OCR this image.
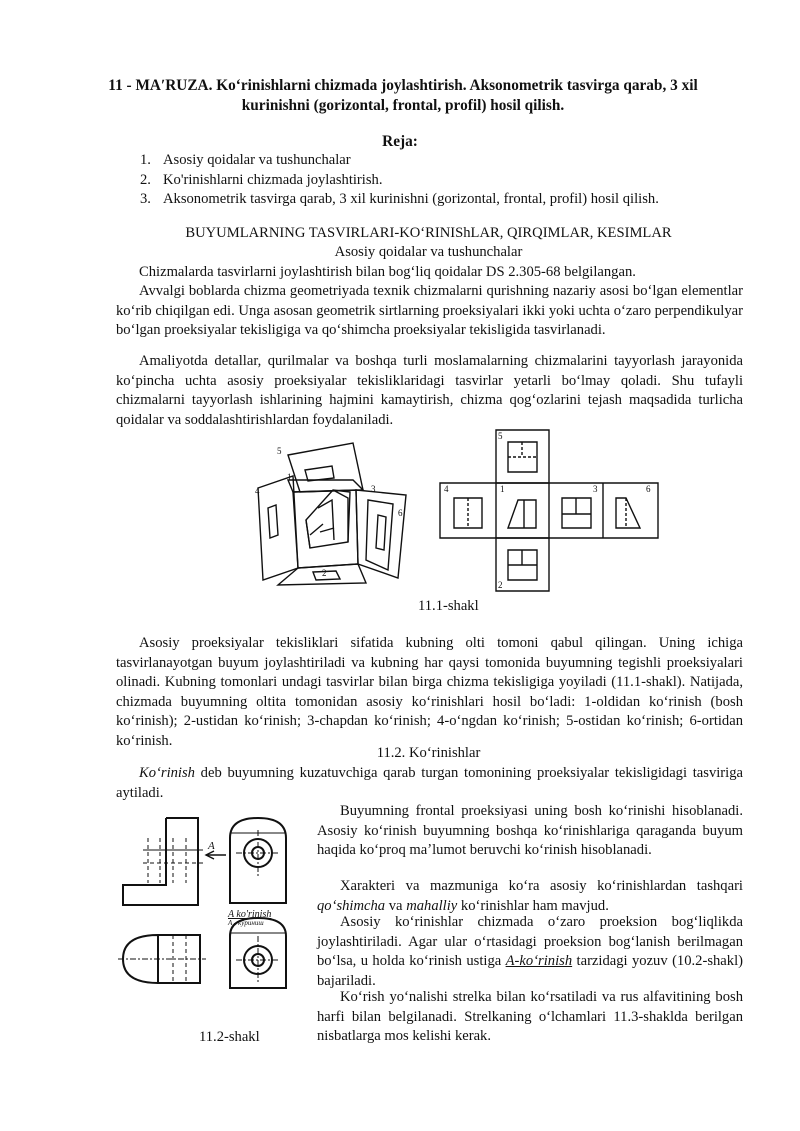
11 - MAʹRUZA. Koʻrinishlarni chizmada joylashtirish. Aksonometrik tasvirga qarab, 3 xil kurinishni (gorizontal, frontal, profil) hosil qilish.
Reja:
1. Asosiy qoidalar va tushunchalar
2. Ko'rinishlarni chizmada joylashtirish.
3. Aksonometrik tasvirga qarab, 3 xil kurinishni (gorizontal, frontal, profil) hosil qilish.
BUYUMLARNING TASVIRLARI-KOʻRINIShLAR, QIRQIMLAR, KESIMLAR
Asosiy qoidalar va tushunchalar

Chizmalarda tasvirlarni joylashtirish bilan bogʻliq qoidalar DS 2.305-68 belgilangan.

Avvalgi boblarda chizma geometriyada texnik chizmalarni qurishning nazariy asosi boʻlgan elementlar koʻrib chiqilgan edi. Unga asosan geometrik sirtlarning proeksiyalari ikki yoki uchta oʻzaro perpendikulyar boʻlgan proeksiyalar tekisligiga va qoʻshimcha proeksiyalar tekisligida tasvirlanadi.

Amaliyotda detallar, qurilmalar va boshqa turli moslamalarning chizmalarini tayyorlash jarayonida koʻpincha uchta asosiy proeksiyalar tekisliklaridagi tasvirlar yetarli boʻlmay qoladi. Shu tufayli chizmalarni tayyorlash ishlarining hajmini kamaytirish, chizma qogʻozlarini tejash maqsadida turlicha qoidalar va soddalashtirishlardan foydalaniladi.

5
1
4	3
6
2
5
4	1	3	6
2
11.1-shakl

Asosiy proeksiyalar tekisliklari sifatida kubning olti tomoni qabul qilingan. Uning ichiga tasvirlanayotgan buyum joylashtiriladi va kubning har qaysi tomonida buyumning tegishli proeksiyalari olinadi. Kubning tomonlari undagi tasvirlar bilan birga chizma tekisligiga yoyiladi (11.1-shakl). Natijada, chizmada buyumning oltita tomonidan asosiy koʻrinishlari hosil boʻladi: 1-oldidan koʻrinish (bosh koʻrinish); 2-ustidan koʻrinish; 3-chapdan koʻrinish; 4-oʻngdan koʻrinish; 5-ostidan koʻrinish; 6-ortidan koʻrinish.

11.2. Koʻrinishlar

Koʻrinish deb buyumning kuzatuvchiga qarab turgan tomonining proeksiyalar tekisligidagi tasviriga aytiladi.

Buyumning frontal proeksiyasi uning bosh koʻrinishi hisoblanadi. Asosiy koʻrinish buyumning boshqa koʻrinishlariga qaraganda buyum haqida koʻproq maʼlumot beruvchi koʻrinish hisoblanadi.

Xarakteri va mazmuniga koʻra asosiy koʻrinishlardan tashqari qoʻshimcha va mahalliy koʻrinishlar ham mavjud.

Asosiy koʻrinishlar chizmada oʻzaro proeksion bogʻliqlikda joylashtiriladi. Agar ular oʻrtasidagi proeksion bogʻlanish berilmagan boʻlsa, u holda koʻrinish ustiga A-koʻrinish tarzidagi yozuv (10.2-shakl) bajariladi.

Koʻrish yoʻnalishi strelka bilan koʻrsatiladi va rus alfavitining bosh harfi bilan belgilanadi. Strelkaning oʻlchamlari 11.3-shaklda berilgan nisbatlarga mos kelishi kerak.

A
A ko'rinish
A - кўриниш
11.2-shakl
